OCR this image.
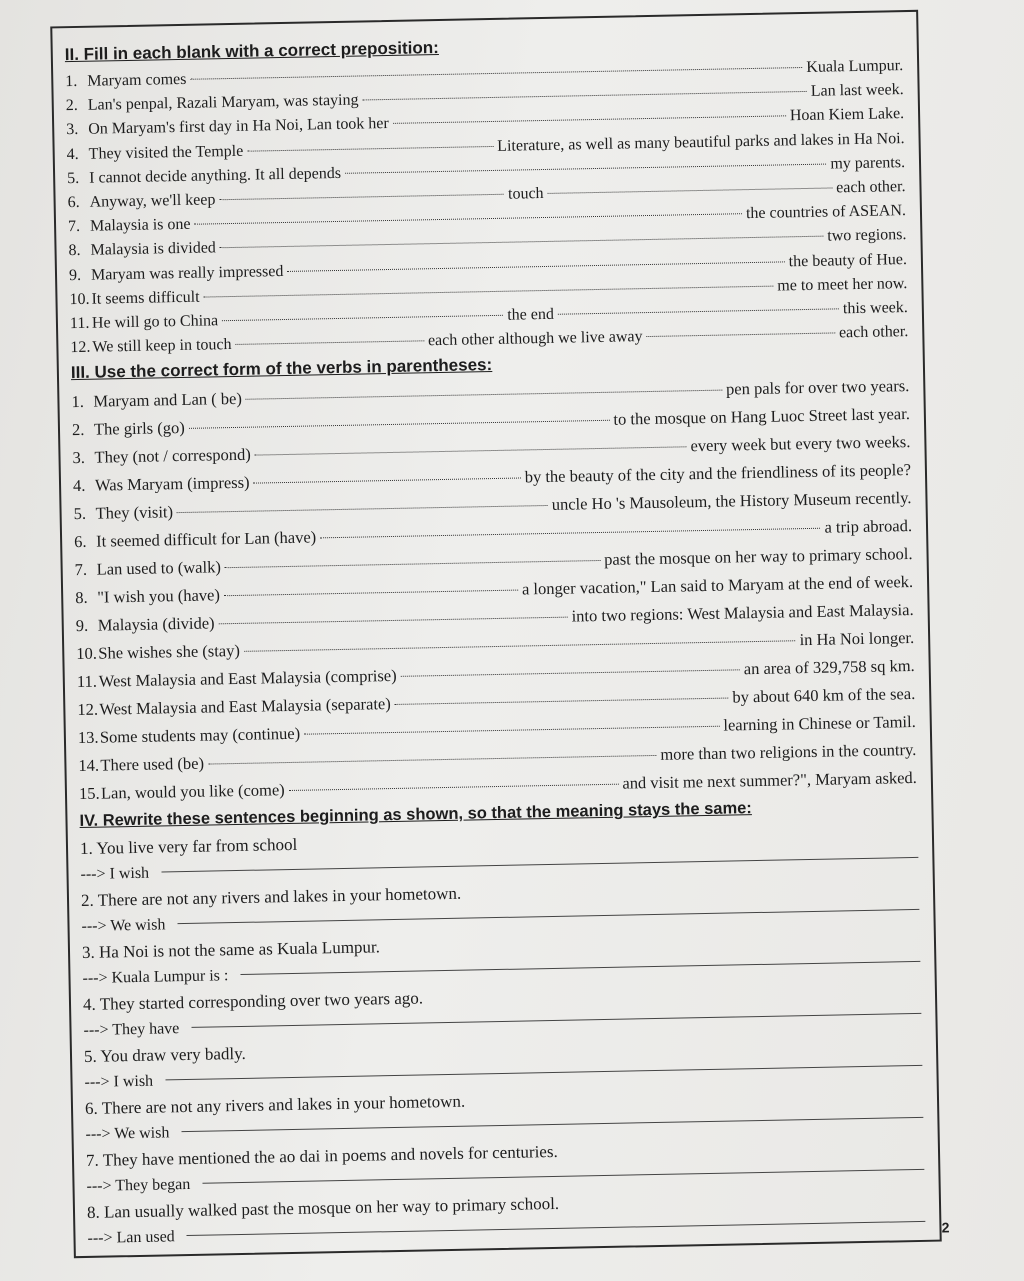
II. Fill in each blank with a correct preposition:
1. Maryam comes
Kuala Lumpur.
2. Lan's penpal, Razali Maryam, was staying
Lan last week.
3. On Maryam's first day in Ha Noi, Lan took her
Hoan Kiem Lake.
4. They visited the Temple	Literature, as well as many beautiful parks and lakes in Ha Noi.
5. I cannot decide anything. It all depends
my parents.
6. Anyway, we'll keep	touch	each other.
7. Malaysia is one
the countries of ASEAN.
8. Malaysia is divided
two regions.
9. Maryam was really impressed
the beauty of Hue.
10. It seems difficult
me to meet her now.
11. He will go to China	the end	this week.
12. We still keep in touch	each other although we live away	each other.
III. Use the correct form of the verbs in parentheses:
1. Maryam and Lan ( be)
pen pals for over two years.
2. The girls (go)	to the mosque on Hang Luoc Street last year.
3. They (not / correspond)
every week but every two weeks.
4. Was Maryam (impress)	by the beauty of the city and the friendliness of its people?
5. They (visit)	uncle Ho 's Mausoleum, the History Museum recently.
6. It seemed difficult for Lan (have)
a trip abroad.
7. Lan used to (walk)	past the mosque on her way to primary school.
8. "I wish you (have)	a longer vacation," Lan said to Maryam at the end of week.
9. Malaysia (divide)	into two regions: West Malaysia and East Malaysia.
10. She wishes she (stay)
in Ha Noi longer.
11. West Malaysia and East Malaysia (comprise)	an area of 329,758 sq km.
12. West Malaysia and East Malaysia (separate)	by about 640 km of the sea.
13. Some students may (continue)
learning in Chinese or Tamil.
14. There used (be)
more than two religions in the country.
15. Lan, would you like (come)	and visit me next summer?", Maryam asked.
IV. Rewrite these sentences beginning as shown, so that the meaning stays the same:
1. You live very far from school
---> I wish
2. There are not any rivers and lakes in your hometown.
---> We wish
3. Ha Noi is not the same as Kuala Lumpur.
---> Kuala Lumpur is :
4. They started corresponding over two years ago.
---> They have
5. You draw very badly.
---> I wish
6. There are not any rivers and lakes in your hometown.
---> We wish
7. They have mentioned the ao dai in poems and novels for centuries.
---> They began
8. Lan usually walked past the mosque on her way to primary school.
---> Lan used
2
